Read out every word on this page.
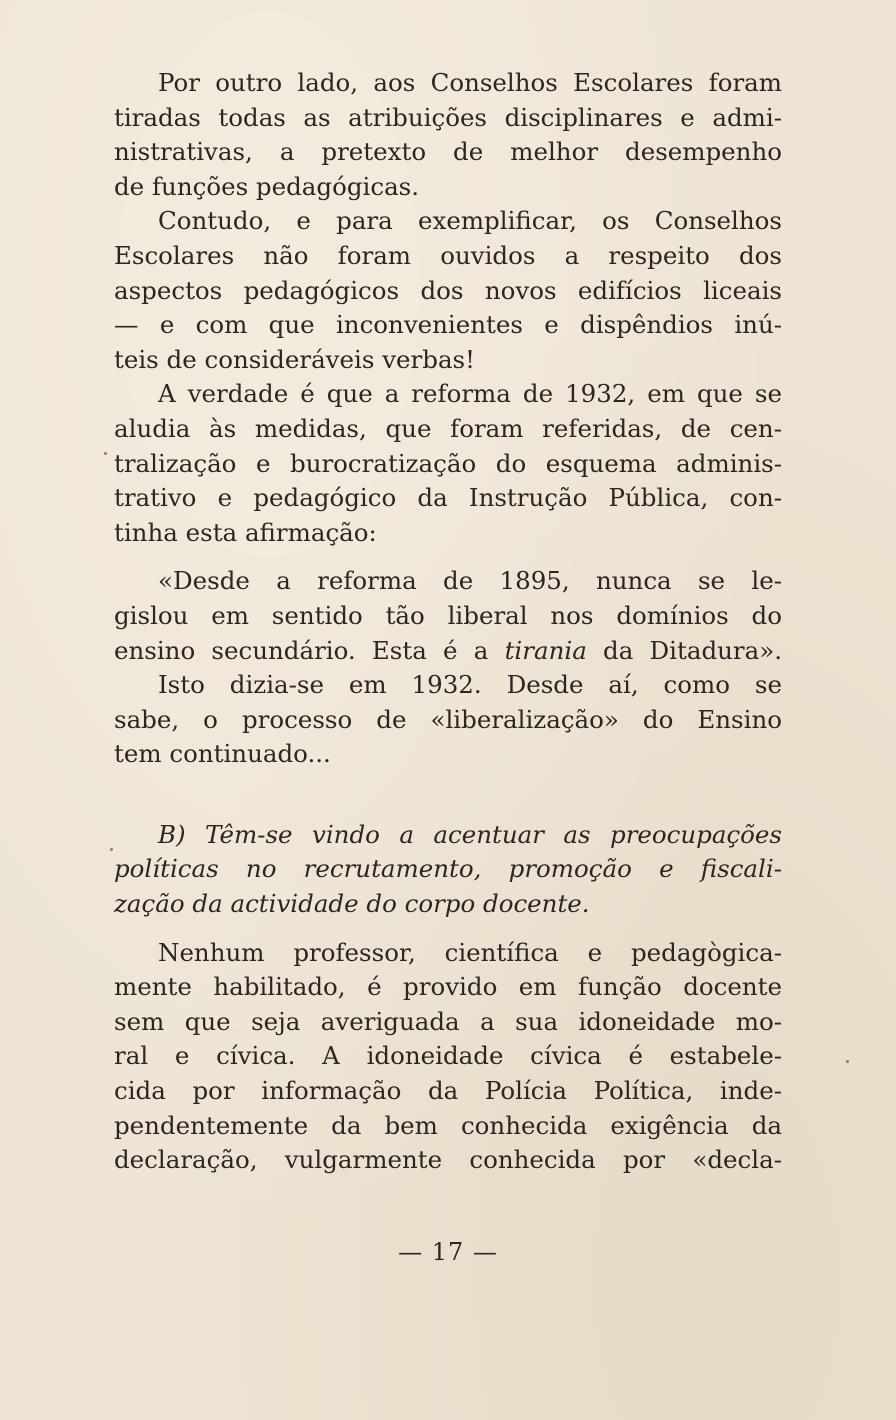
Por outro lado, aos Conselhos Escolares foram
tiradas todas as atribuições disciplinares e admi-
nistrativas, a pretexto de melhor desempenho
de funções pedagógicas.
Contudo, e para exemplificar, os Conselhos
Escolares não foram ouvidos a respeito dos
aspectos pedagógicos dos novos edifícios liceais
— e com que inconvenientes e dispêndios inú-
teis de consideráveis verbas!
A verdade é que a reforma de 1932, em que se
aludia às medidas, que foram referidas, de cen-
tralização e burocratização do esquema adminis-
trativo e pedagógico da Instrução Pública, con-
tinha esta afirmação:
«Desde a reforma de 1895, nunca se le-
gislou em sentido tão liberal nos domínios do
ensino secundário. Esta é a tirania da Ditadura».
Isto dizia-se em 1932. Desde aí, como se
sabe, o processo de «liberalização» do Ensino
tem continuado...
B) Têm-se vindo a acentuar as preocupações
políticas no recrutamento, promoção e fiscali-
zação da actividade do corpo docente.
Nenhum professor, científica e pedagògica-
mente habilitado, é provido em função docente
sem que seja averiguada a sua idoneidade mo-
ral e cívica. A idoneidade cívica é estabele-
cida por informação da Polícia Política, inde-
pendentemente da bem conhecida exigência da
declaração, vulgarmente conhecida por «decla-
— 17 —
